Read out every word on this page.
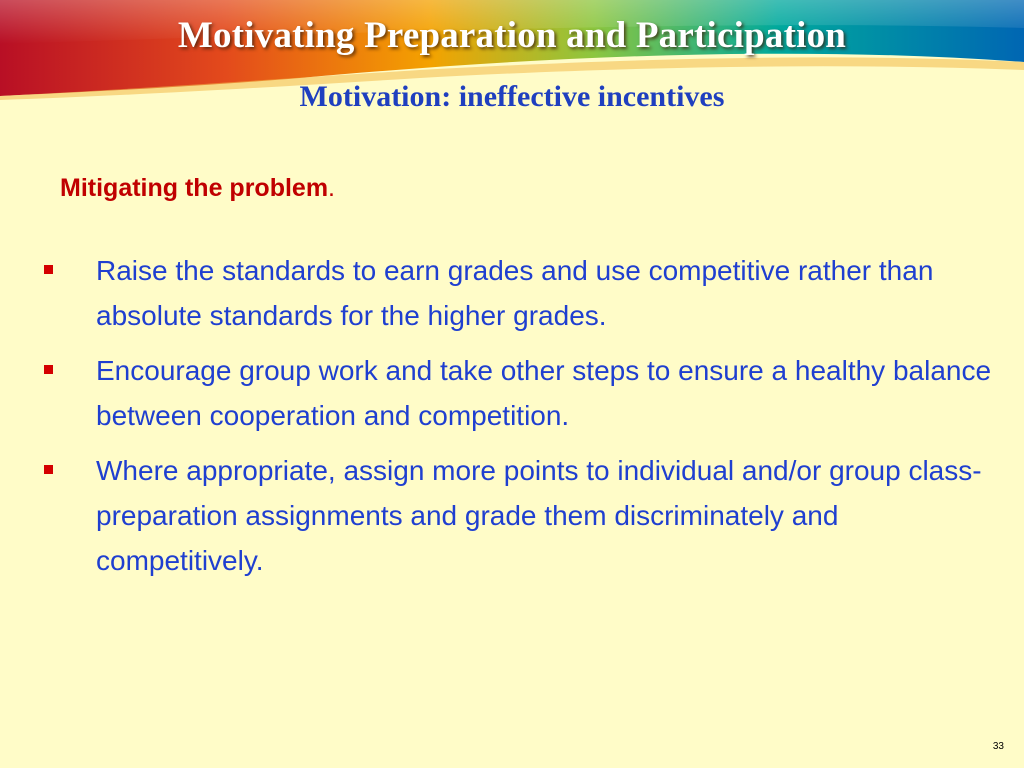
Motivating Preparation and Participation
Motivation: ineffective incentives

Mitigating the problem.

Raise the standards to earn grades and use competitive rather than absolute standards for the higher grades.
Encourage group work and take other steps to ensure a healthy balance between cooperation and competition.
Where appropriate, assign more points to individual and/or group class-preparation assignments and grade them discriminately and competitively.
33
